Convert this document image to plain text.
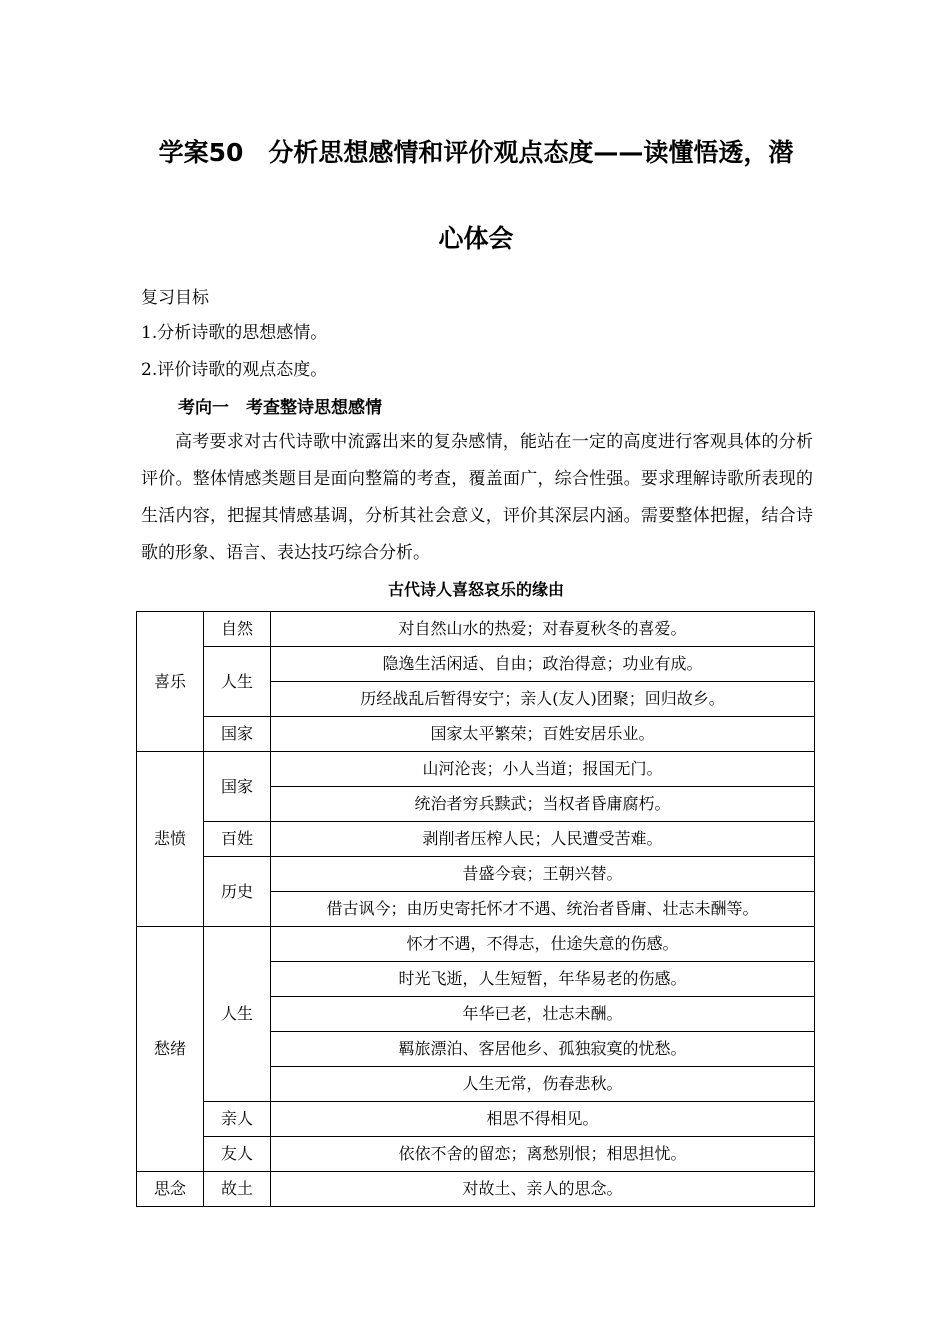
学案50　分析思想感情和评价观点态度——读懂悟透，潜
心体会
复习目标
1.分析诗歌的思想感情。
2.评价诗歌的观点态度。
考向一　考查整诗思想感情

高考要求对古代诗歌中流露出来的复杂感情，能站在一定的高度进行客观具体的分析评价。整体情感类题目是面向整篇的考查，覆盖面广，综合性强。要求理解诗歌所表现的生活内容，把握其情感基调，分析其社会意义，评价其深层内涵。需要整体把握，结合诗歌的形象、语言、表达技巧综合分析。

古代诗人喜怒哀乐的缘由
喜乐	自然	对自然山水的热爱；对春夏秋冬的喜爱。
	人生	隐逸生活闲适、自由；政治得意；功业有成。
		历经战乱后暂得安宁；亲人(友人)团聚；回归故乡。
	国家	国家太平繁荣；百姓安居乐业。
悲愤	国家	山河沦丧；小人当道；报国无门。
		统治者穷兵黩武；当权者昏庸腐朽。
	百姓	剥削者压榨人民；人民遭受苦难。
	历史	昔盛今衰；王朝兴替。
		借古讽今；由历史寄托怀才不遇、统治者昏庸、壮志未酬等。
愁绪	人生	怀才不遇，不得志，仕途失意的伤感。
		时光飞逝，人生短暂，年华易老的伤感。
		年华已老，壮志未酬。
		羁旅漂泊、客居他乡、孤独寂寞的忧愁。
		人生无常，伤春悲秋。
	亲人	相思不得相见。
	友人	依依不舍的留恋；离愁别恨；相思担忧。
思念	故土	对故土、亲人的思念。
